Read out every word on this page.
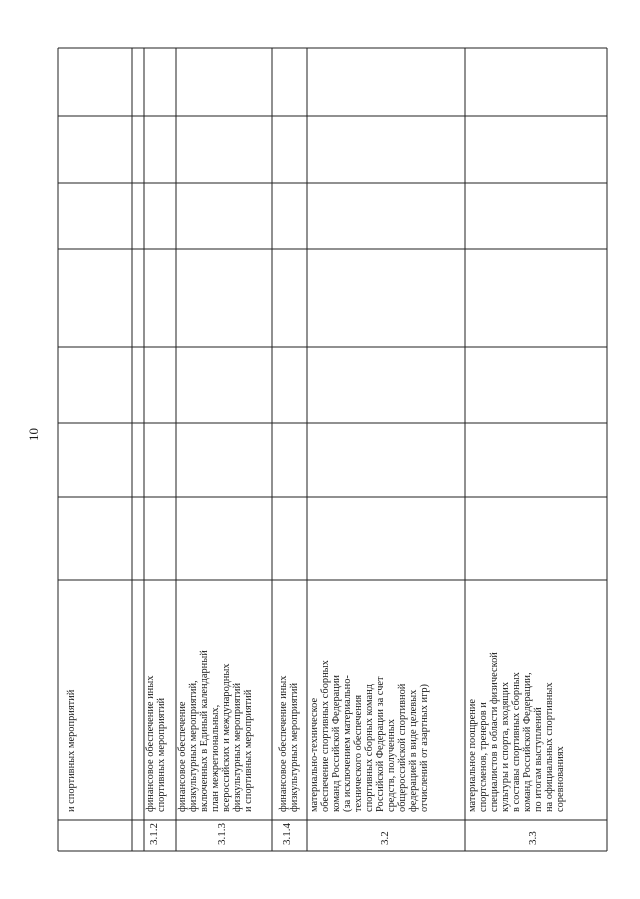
10
и спортивных мероприятий	финансовое обеспечение иных спортивных мероприятий
3.1.2
финансовое обеспечение физкультурных мероприятий, включенных в Единый календарный план межрегиональных, всероссийских и международных физкультурных мероприятий и спортивных мероприятий
3.1.3
финансовое обеспечение иных физкультурных мероприятий
3.1.4
материально-техническое обеспечение спортивных сборных команд Российской Федерации (за исключением материально- технического обеспечения спортивных сборных команд Российской Федерации за счет средств, полученных общероссийской спортивной федерацией в виде целевых отчислений от азартных игр)
3.2
материальное поощрение спортсменов, тренеров и специалистов в области физической культуры и спорта, входящих в составы спортивных сборных команд Российской Федерации, по итогам выступлений на официальных спортивных соревнованиях
3.3
